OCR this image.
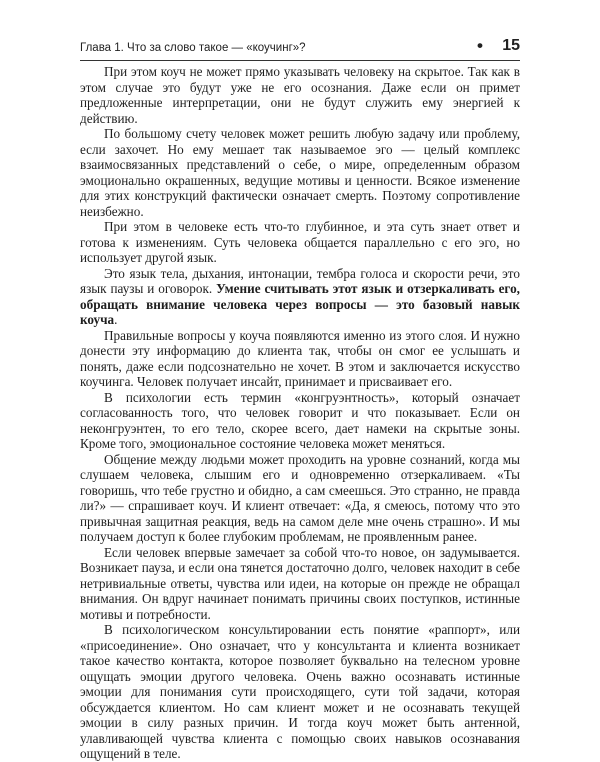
Глава 1. Что за слово такое — «коучинг»?	• 15

При этом коуч не может прямо указывать человеку на скрытое. Так как в этом случае это будут уже не его осознания. Даже если он примет предложенные интерпретации, они не будут служить ему энергией к действию.

По большому счету человек может решить любую задачу или проблему, если захочет. Но ему мешает так называемое эго — целый комплекс взаимосвязанных представлений о себе, о мире, определенным образом эмоционально окрашенных, ведущие мотивы и ценности. Всякое изменение для этих конструкций фактически означает смерть. Поэтому сопротивление неизбежно.

При этом в человеке есть что-то глубинное, и эта суть знает ответ и готова к изменениям. Суть человека общается параллельно с его эго, но использует другой язык.

Это язык тела, дыхания, интонации, тембра голоса и скорости речи, это язык паузы и оговорок. Умение считывать этот язык и отзеркаливать его, обращать внимание человека через вопросы — это базовый навык коуча.

Правильные вопросы у коуча появляются именно из этого слоя. И нужно донести эту информацию до клиента так, чтобы он смог ее услышать и понять, даже если подсознательно не хочет. В этом и заключается искусство коучинга. Человек получает инсайт, принимает и присваивает его.

В психологии есть термин «конгруэнтность», который означает согласованность того, что человек говорит и что показывает. Если он неконгруэнтен, то его тело, скорее всего, дает намеки на скрытые зоны. Кроме того, эмоциональное состояние человека может меняться.

Общение между людьми может проходить на уровне сознаний, когда мы слушаем человека, слышим его и одновременно отзеркаливаем. «Ты говоришь, что тебе грустно и обидно, а сам смеешься. Это странно, не правда ли?» — спрашивает коуч. И клиент отвечает: «Да, я смеюсь, потому что это привычная защитная реакция, ведь на самом деле мне очень страшно». И мы получаем доступ к более глубоким проблемам, не проявленным ранее.

Если человек впервые замечает за собой что-то новое, он задумывается. Возникает пауза, и если она тянется достаточно долго, человек находит в себе нетривиальные ответы, чувства или идеи, на которые он прежде не обращал внимания. Он вдруг начинает понимать причины своих поступков, истинные мотивы и потребности.

В психологическом консультировании есть понятие «раппорт», или «присоединение». Оно означает, что у консультанта и клиента возникает такое качество контакта, которое позволяет буквально на телесном уровне ощущать эмоции другого человека. Очень важно осознавать истинные эмоции для понимания сути происходящего, сути той задачи, которая обсуждается клиентом. Но сам клиент может и не осознавать текущей эмоции в силу разных причин. И тогда коуч может быть антенной, улавливающей чувства клиента с помощью своих навыков осознавания ощущений в теле.
